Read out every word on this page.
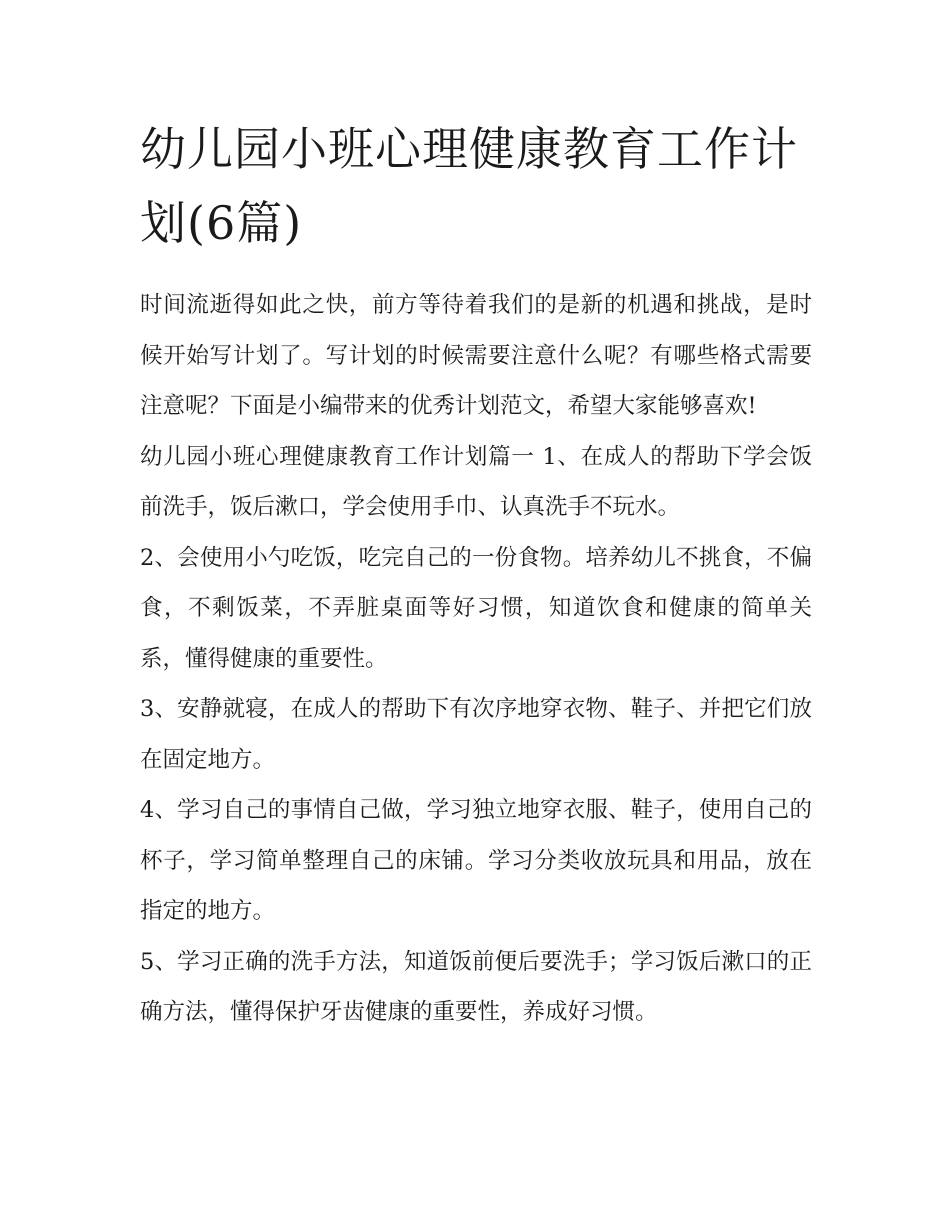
幼儿园小班心理健康教育工作计划(6篇)

时间流逝得如此之快，前方等待着我们的是新的机遇和挑战，是时候开始写计划了。写计划的时候需要注意什么呢？有哪些格式需要注意呢？下面是小编带来的优秀计划范文，希望大家能够喜欢!

幼儿园小班心理健康教育工作计划篇一 1、在成人的帮助下学会饭前洗手，饭后漱口，学会使用手巾、认真洗手不玩水。

2、会使用小勺吃饭，吃完自己的一份食物。培养幼儿不挑食，不偏食，不剩饭菜，不弄脏桌面等好习惯，知道饮食和健康的简单关系，懂得健康的重要性。

3、安静就寝，在成人的帮助下有次序地穿衣物、鞋子、并把它们放在固定地方。

4、学习自己的事情自己做，学习独立地穿衣服、鞋子，使用自己的杯子，学习简单整理自己的床铺。学习分类收放玩具和用品，放在指定的地方。

5、学习正确的洗手方法，知道饭前便后要洗手；学习饭后漱口的正确方法，懂得保护牙齿健康的重要性，养成好习惯。
